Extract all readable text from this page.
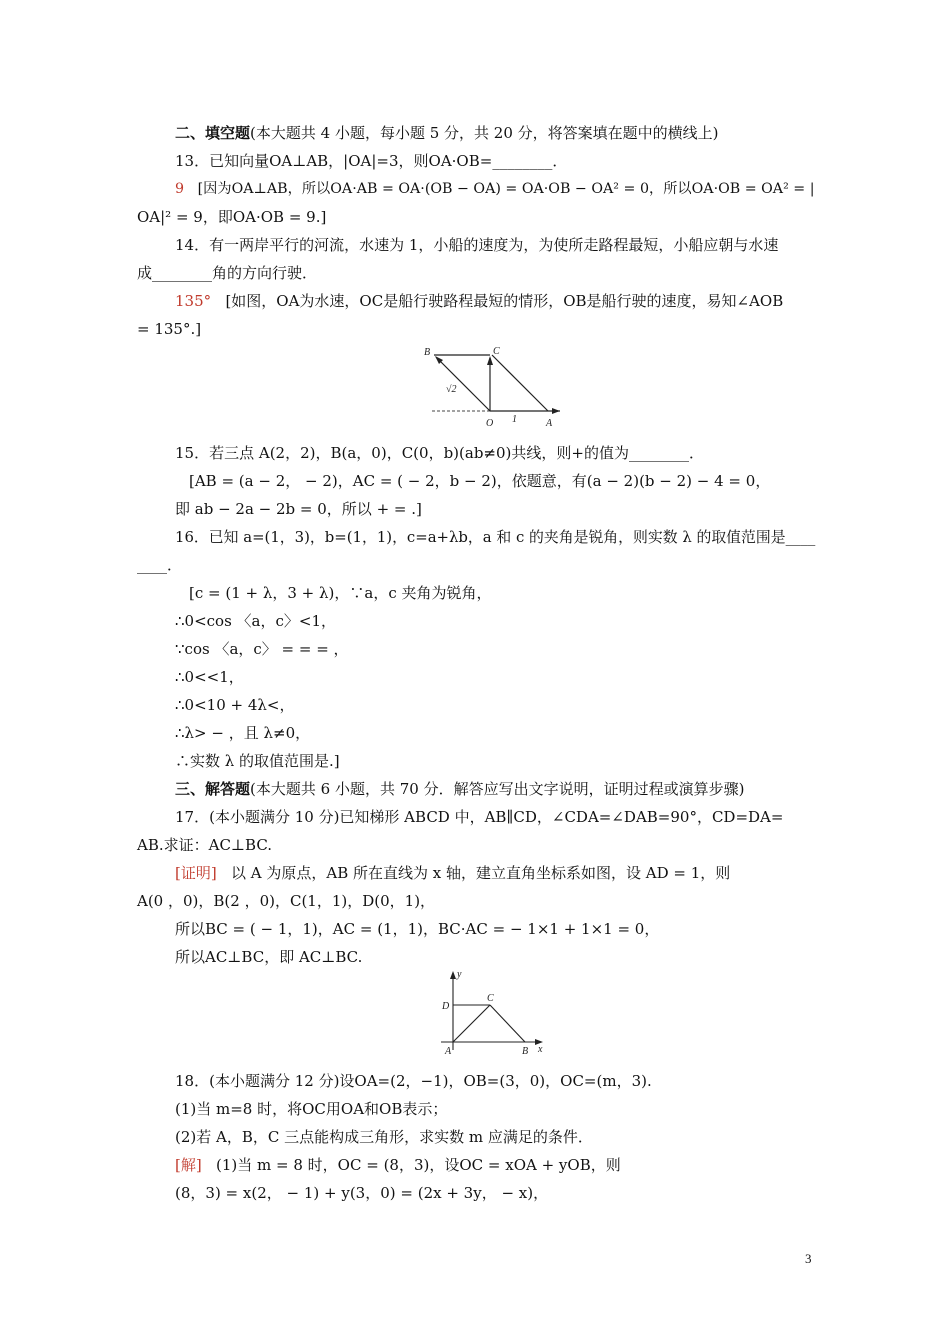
二、填空题(本大题共 4 小题，每小题 5 分，共 20 分，将答案填在题中的横线上)
13．已知向量OA⊥AB，|OA|=3，则OA·OB=________．
9 [因为OA⊥AB，所以OA·AB = OA·(OB − OA) = OA·OB − OA² = 0，所以OA·OB = OA² = |
OA|² = 9，即OA·OB = 9.]
14．有一两岸平行的河流，水速为 1，小船的速度为，为使所走路程最短，小船应朝与水速
成________角的方向行驶．
135° [如图，OA为水速，OC是船行驶路程最短的情形，OB是船行驶的速度，易知∠AOB
= 135°.]
B	C
O	A
√2
1
15．若三点 A(2，2)，B(a，0)，C(0，b)(ab≠0)共线，则+的值为________．
[AB = (a − 2， − 2)，AC = ( − 2，b − 2)，依题意，有(a − 2)(b − 2) − 4 = 0，
即 ab − 2a − 2b = 0，所以 + = .]
16．已知 a=(1，3)，b=(1，1)，c=a+λb，a 和 c 的夹角是锐角，则实数 λ 的取值范围是____
____．
[c = (1 + λ，3 + λ)，∵a，c 夹角为锐角，
∴0<cos 〈a，c〉<1，
∵cos 〈a，c〉 = = = ，
∴0<<1，
∴0<10 + 4λ<，
∴λ> − ，且 λ≠0，
∴实数 λ 的取值范围是.]
三、解答题(本大题共 6 小题，共 70 分．解答应写出文字说明，证明过程或演算步骤)
17．(本小题满分 10 分)已知梯形 ABCD 中，AB∥CD，∠CDA=∠DAB=90°，CD=DA=
AB.求证：AC⊥BC.
[证明] 以 A 为原点，AB 所在直线为 x 轴，建立直角坐标系如图，设 AD = 1，则
A(0 ，0)，B(2 ，0)，C(1，1)，D(0，1)，
所以BC = ( − 1，1)，AC = (1，1)，BC·AC = − 1×1 + 1×1 = 0，
所以AC⊥BC，即 AC⊥BC.
y
x
D
C
A	B
18．(本小题满分 12 分)设OA=(2，−1)，OB=(3，0)，OC=(m，3).
(1)当 m=8 时，将OC用OA和OB表示；
(2)若 A，B，C 三点能构成三角形，求实数 m 应满足的条件．
[解] (1)当 m = 8 时，OC = (8，3)，设OC = xOA + yOB，则
(8，3) = x(2， − 1) + y(3，0) = (2x + 3y， − x)，
3
